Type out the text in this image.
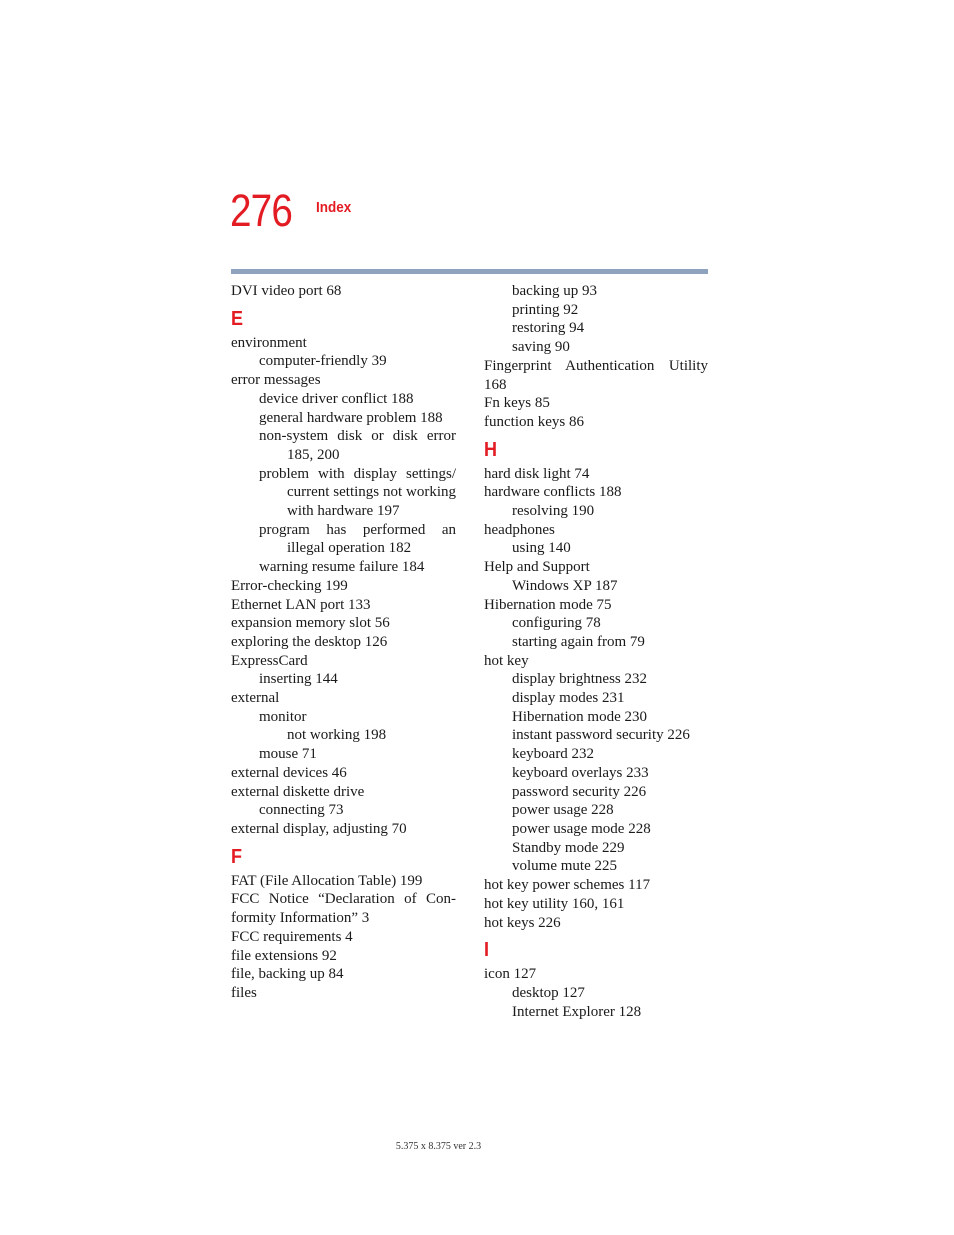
276 Index
DVI video port 68
E
environment
computer-friendly 39
error messages
device driver conflict 188
general hardware problem 188
non-system disk or disk error 185, 200
problem with display settings/ current settings not working with hardware 197
program has performed an illegal operation 182
warning resume failure 184
Error-checking 199
Ethernet LAN port 133
expansion memory slot 56
exploring the desktop 126
ExpressCard
inserting 144
external
monitor
not working 198
mouse 71
external devices 46
external diskette drive
connecting 73
external display, adjusting 70
F
FAT (File Allocation Table) 199
FCC Notice “Declaration of Con-formity Information” 3
FCC requirements 4
file extensions 92
file, backing up 84
files
backing up 93
printing 92
restoring 94
saving 90
Fingerprint Authentication Utility 168
Fn keys 85
function keys 86
H
hard disk light 74
hardware conflicts 188
resolving 190
headphones
using 140
Help and Support
Windows XP 187
Hibernation mode 75
configuring 78
starting again from 79
hot key
display brightness 232
display modes 231
Hibernation mode 230
instant password security 226
keyboard 232
keyboard overlays 233
password security 226
power usage 228
power usage mode 228
Standby mode 229
volume mute 225
hot key power schemes 117
hot key utility 160, 161
hot keys 226
I
icon 127
desktop 127
Internet Explorer 128
5.375 x 8.375 ver 2.3
